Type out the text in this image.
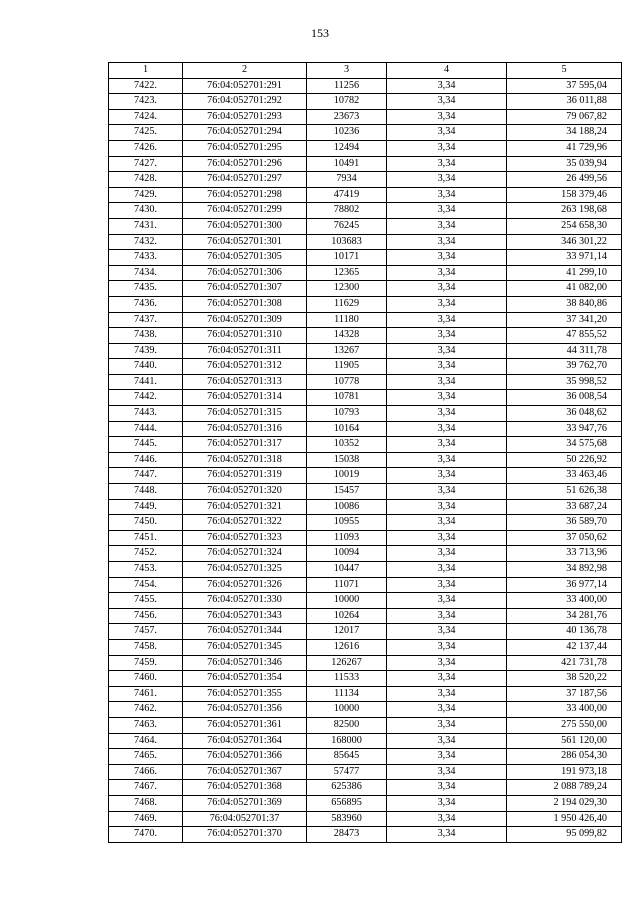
153
1	2	3	4	5
7422.	76:04:052701:291	11256	3,34	37 595,04
7423.	76:04:052701:292	10782	3,34	36 011,88
7424.	76:04:052701:293	23673	3,34	79 067,82
7425.	76:04:052701:294	10236	3,34	34 188,24
7426.	76:04:052701:295	12494	3,34	41 729,96
7427.	76:04:052701:296	10491	3,34	35 039,94
7428.	76:04:052701:297	7934	3,34	26 499,56
7429.	76:04:052701:298	47419	3,34	158 379,46
7430.	76:04:052701:299	78802	3,34	263 198,68
7431.	76:04:052701:300	76245	3,34	254 658,30
7432.	76:04:052701:301	103683	3,34	346 301,22
7433.	76:04:052701:305	10171	3,34	33 971,14
7434.	76:04:052701:306	12365	3,34	41 299,10
7435.	76:04:052701:307	12300	3,34	41 082,00
7436.	76:04:052701:308	11629	3,34	38 840,86
7437.	76:04:052701:309	11180	3,34	37 341,20
7438.	76:04:052701:310	14328	3,34	47 855,52
7439.	76:04:052701:311	13267	3,34	44 311,78
7440.	76:04:052701:312	11905	3,34	39 762,70
7441.	76:04:052701:313	10778	3,34	35 998,52
7442.	76:04:052701:314	10781	3,34	36 008,54
7443.	76:04:052701:315	10793	3,34	36 048,62
7444.	76:04:052701:316	10164	3,34	33 947,76
7445.	76:04:052701:317	10352	3,34	34 575,68
7446.	76:04:052701:318	15038	3,34	50 226,92
7447.	76:04:052701:319	10019	3,34	33 463,46
7448.	76:04:052701:320	15457	3,34	51 626,38
7449.	76:04:052701:321	10086	3,34	33 687,24
7450.	76:04:052701:322	10955	3,34	36 589,70
7451.	76:04:052701:323	11093	3,34	37 050,62
7452.	76:04:052701:324	10094	3,34	33 713,96
7453.	76:04:052701:325	10447	3,34	34 892,98
7454.	76:04:052701:326	11071	3,34	36 977,14
7455.	76:04:052701:330	10000	3,34	33 400,00
7456.	76:04:052701:343	10264	3,34	34 281,76
7457.	76:04:052701:344	12017	3,34	40 136,78
7458.	76:04:052701:345	12616	3,34	42 137,44
7459.	76:04:052701:346	126267	3,34	421 731,78
7460.	76:04:052701:354	11533	3,34	38 520,22
7461.	76:04:052701:355	11134	3,34	37 187,56
7462.	76:04:052701:356	10000	3,34	33 400,00
7463.	76:04:052701:361	82500	3,34	275 550,00
7464.	76:04:052701:364	168000	3,34	561 120,00
7465.	76:04:052701:366	85645	3,34	286 054,30
7466.	76:04:052701:367	57477	3,34	191 973,18
7467.	76:04:052701:368	625386	3,34	2 088 789,24
7468.	76:04:052701:369	656895	3,34	2 194 029,30
7469.	76:04:052701:37	583960	3,34	1 950 426,40
7470.	76:04:052701:370	28473	3,34	95 099,82
